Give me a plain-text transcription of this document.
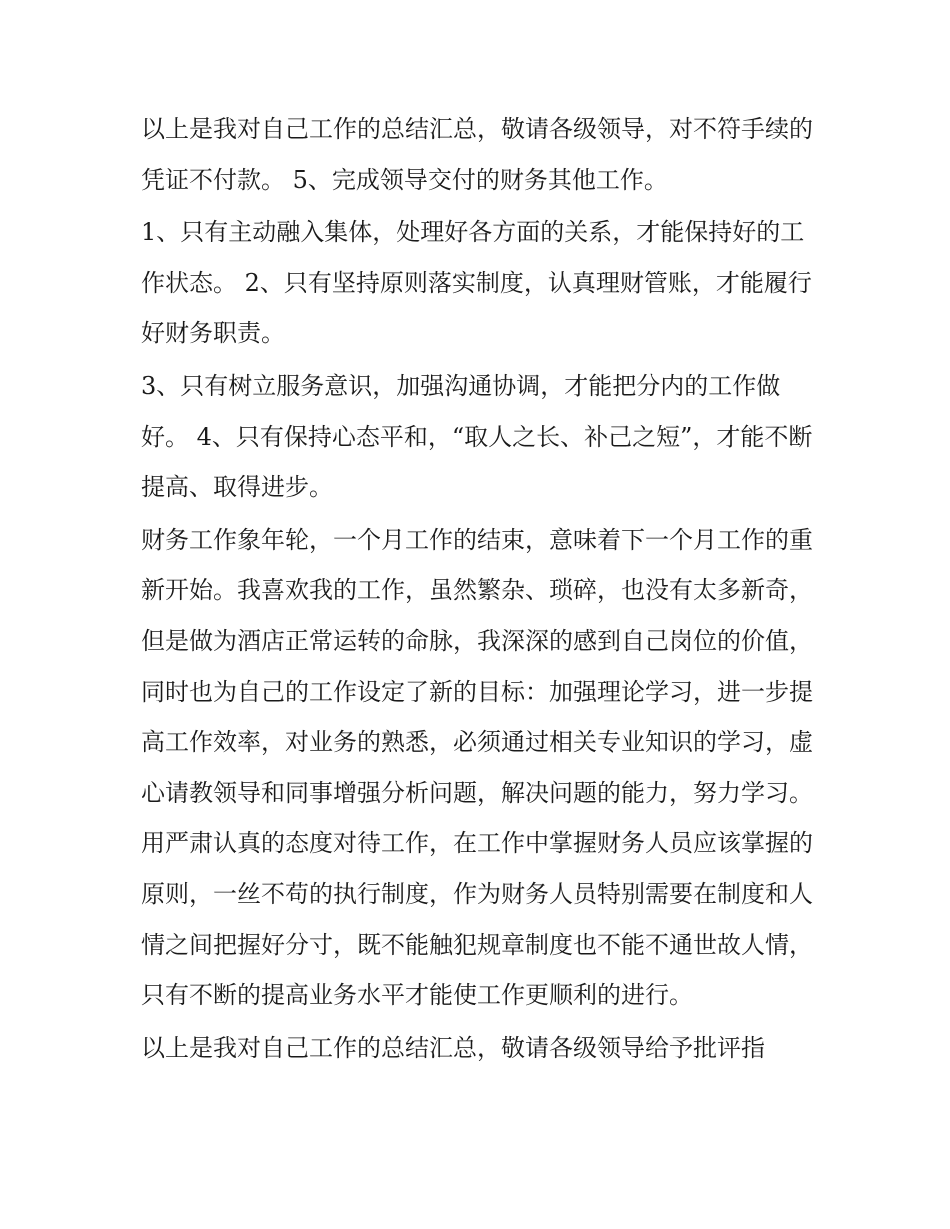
以上是我对自己工作的总结汇总，敬请各级领导，对不符手续的凭证不付款。 5、完成领导交付的财务其他工作。

1、只有主动融入集体，处理好各方面的关系，才能保持好的工作状态。 2、只有坚持原则落实制度，认真理财管账，才能履行好财务职责。

3、只有树立服务意识，加强沟通协调，才能把分内的工作做好。 4、只有保持心态平和，“取人之长、补己之短”，才能不断提高、取得进步。

财务工作象年轮，一个月工作的结束，意味着下一个月工作的重新开始。我喜欢我的工作，虽然繁杂、琐碎，也没有太多新奇，但是做为酒店正常运转的命脉，我深深的感到自己岗位的价值，同时也为自己的工作设定了新的目标：加强理论学习，进一步提高工作效率，对业务的熟悉，必须通过相关专业知识的学习，虚心请教领导和同事增强分析问题，解决问题的能力，努力学习。用严肃认真的态度对待工作，在工作中掌握财务人员应该掌握的原则，一丝不苟的执行制度，作为财务人员特别需要在制度和人情之间把握好分寸，既不能触犯规章制度也不能不通世故人情，只有不断的提高业务水平才能使工作更顺利的进行。

以上是我对自己工作的总结汇总，敬请各级领导给予批评指
